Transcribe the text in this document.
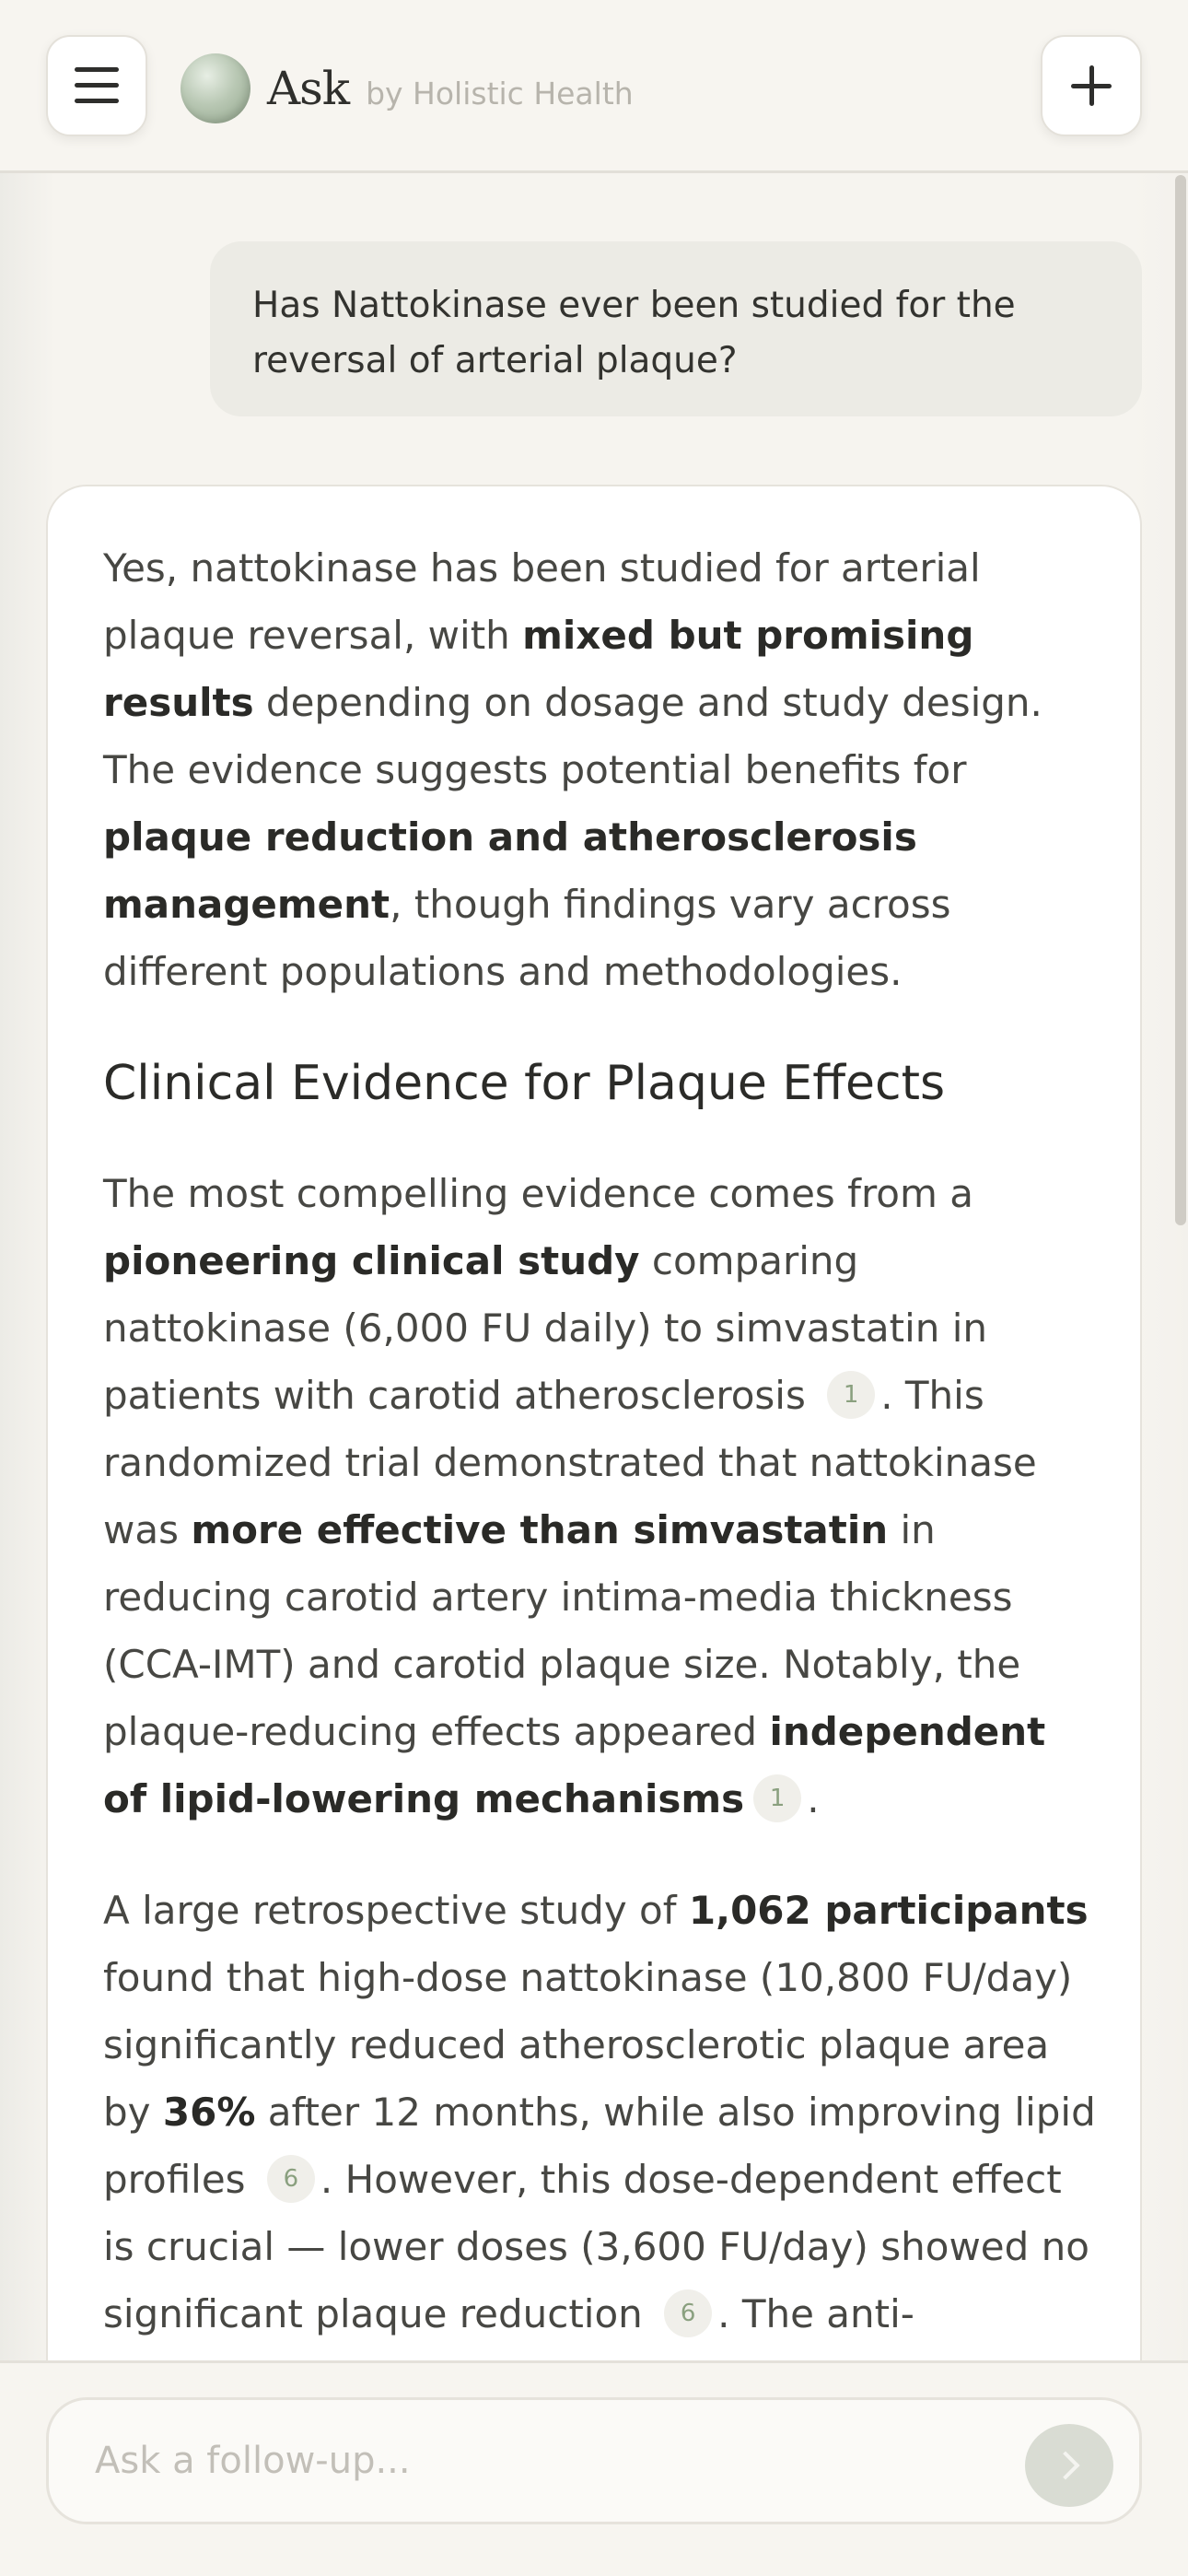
Ask by Holistic Health
Has Nattokinase ever been studied for the reversal of arterial plaque?

Yes, nattokinase has been studied for arterial plaque reversal, with mixed but promising results depending on dosage and study design. The evidence suggests potential benefits for plaque reduction and atherosclerosis management, though findings vary across different populations and methodologies.

Clinical Evidence for Plaque Effects

The most compelling evidence comes from a pioneering clinical study comparing nattokinase (6,000 FU daily) to simvastatin in patients with carotid atherosclerosis 1 . This randomized trial demonstrated that nattokinase was more effective than simvastatin in reducing carotid artery intima-media thickness (CCA-IMT) and carotid plaque size. Notably, the plaque-reducing effects appeared independent of lipid-lowering mechanisms 1 .

A large retrospective study of 1,062 participants found that high-dose nattokinase (10,800 FU/day) significantly reduced atherosclerotic plaque area by 36% after 12 months, while also improving lipid profiles 6 . However, this dose-dependent effect is crucial — lower doses (3,600 FU/day) showed no significant plaque reduction 6 . The anti-

Ask a follow-up...
